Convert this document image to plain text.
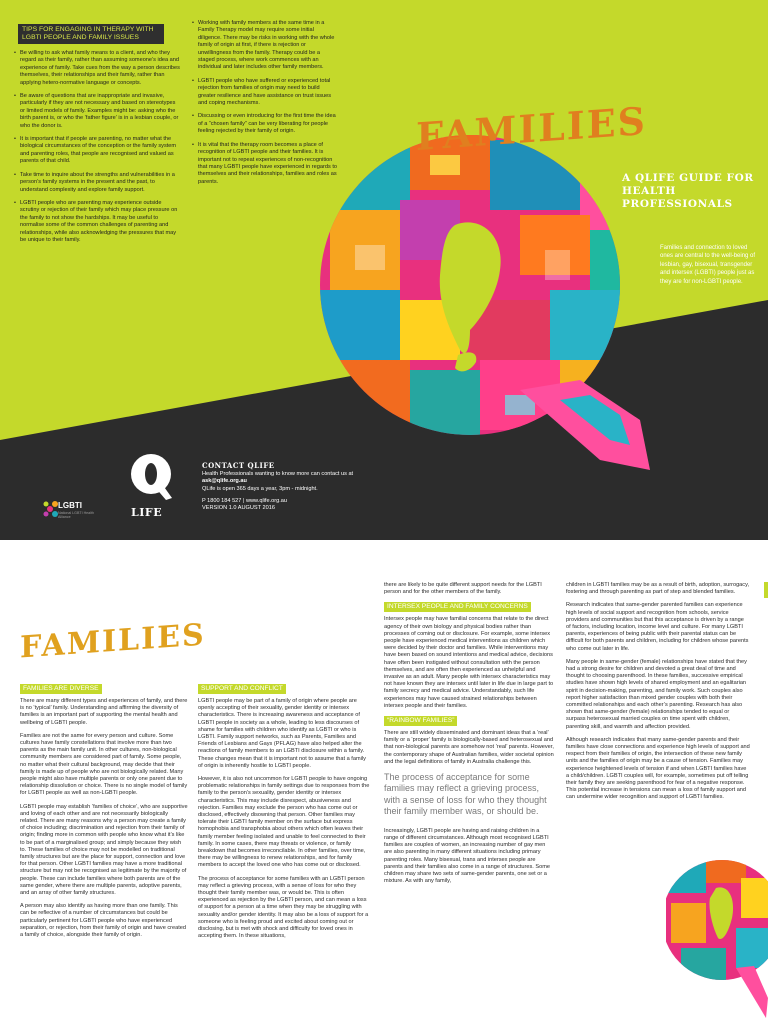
TIPS FOR ENGAGING IN THERAPY WITH LGBTI PEOPLE AND FAMILY ISSUES
• Be willing to ask what family means to a client, and who they regard as their family, rather than assuming someone’s idea and experience of family. Take cues from the way a person describes themselves, their relationships and their family, rather than applying hetero-normative language or concepts.
• Be aware of questions that are inappropriate and invasive, particularly if they are not necessary and based on stereotypes or limited models of family. Examples might be: asking who the birth parent is, or who the ‘father figure’ is in a lesbian couple, or who the donor is.
• It is important that if people are parenting, no matter what the biological circumstances of the conception or the family system and parenting roles, that people are recognised and valued as parents of that child.
• Take time to inquire about the strengths and vulnerabilities in a person’s family systems in the present and the past, to understand complexity and explore family support.
• LGBTI people who are parenting may experience outside scrutiny or rejection of their family which may place pressure on the family to not show the hardships. It may be useful to normalise some of the common challenges of parenting and relationships, while also acknowledging the pressures that may be unique to their family.
• Working with family members at the same time in a Family Therapy model may require some initial diligence. There may be risks in working with the whole family of origin at first, if there is rejection or unwillingness from the family. Therapy could be a staged process, where work commences with an individual and later includes other family members.
• LGBTI people who have suffered or experienced total rejection from families of origin may need to build greater resilience and have assistance on trust issues and coping mechanisms.
• Discussing or even introducing for the first time the idea of a “chosen family” can be very liberating for people feeling rejected by their family of origin.
• It is vital that the therapy room becomes a place of recognition of LGBTI people and their families. It is important not to repeat experiences of non-recognition that many LGBTI people have experienced in regards to themselves and their relationships, families and roles as parents.
FAMILIES
A QLIFE GUIDE FOR HEALTH PROFESSIONALS
Families and connection to loved ones are central to the well-being of lesbian, gay, bisexual, transgender and intersex (LGBTI) people just as they are for non-LGBTI people.
LGBTI
National LGBTI Health Alliance	LIFE
CONTACT QLIFE
Health Professionals wanting to know more can contact us at
ask@qlife.org.au
QLife is open 365 days a year, 3pm - midnight.
P 1800 184 527 | www.qlife.org.au
VERSION 1.0 AUGUST 2016
FAMILIES
FAMILIES ARE DIVERSE

There are many different types and experiences of family, and there is no ‘typical’ family. Understanding and affirming the diversity of families is an important part of supporting the mental health and wellbeing of LGBTI people.

Families are not the same for every person and culture. Some cultures have family constellations that involve more than two parents as the main family unit. In other cultures, non-biological community members are considered part of family. Some people, no matter what their cultural background, may decide that their family is made up of people who are not biologically related. Many people might also have multiple parents or only one parent due to relationship dissolution or choice. There is no single model of family for LGBTI people as well as non-LGBTI people.

LGBTI people may establish ‘families of choice’, who are supportive and loving of each other and are not necessarily biologically related. There are many reasons why a person may create a family of choice including; discrimination and rejection from their family of origin; finding more in common with people who know what it’s like to be part of a marginalised group; and simply because they wish to. These families of choice may not be modelled on traditional family structures but are the place for support, connection and love for that person. Other LGBTI families may have a more traditional structure but may not be recognised as legitimate by the majority of people. These can include families where both parents are of the same gender, where there are multiple parents, adoptive parents, and an array of other family structures.

A person may also identify as having more than one family. This can be reflective of a number of circumstances but could be particularly pertinent for LGBTI people who have experienced separation, or rejection, from their family of origin and have created a family of choice, alongside their family of origin.

SUPPORT AND CONFLICT

LGBTI people may be part of a family of origin where people are openly accepting of their sexuality, gender identity or intersex characteristics. There is increasing awareness and acceptance of LGBTI people in society as a whole, leading to less discourses of shame for families with children who identify as LGBTI or who is LGBTI. Family support networks, such as Parents, Families and Friends of Lesbians and Gays (PFLAG) have also helped alter the reactions of family members to an LGBTI disclosure within a family. These changes mean that it is important not to assume that a family of origin is inherently hostile to LGBTI people.

However, it is also not uncommon for LGBTI people to have ongoing problematic relationships in family settings due to responses from the family to the person’s sexuality, gender identity or intersex characteristics. This may include disrespect, abusiveness and rejection. Families may exclude the person who has come out or disclosed, effectively disowning that person. Other families may tolerate their LGBTI family member on the surface but express homophobia and transphobia about others which often leaves their family member feeling isolated and unable to feel connected to their family. In some cases, there may threats or violence, or family breakdown that becomes irreconcilable. In other families, over time, there may be willingness to renew relationships, and for family members to accept the loved one who has come out or disclosed.

The process of acceptance for some families with an LGBTI person may reflect a grieving process, with a sense of loss for who they thought their family member was, or would be. This is often experienced as rejection by the LGBTI person, and can mean a loss of support for a person at a time when they may be struggling with sexuality and/or gender identity. It may also be a loss of support for a someone who is feeling proud and excited about coming out or disclosing, but is met with shock and difficulty for loved ones in accepting them. In these situations,

there are likely to be quite different support needs for the LGBTI person and for the other members of the family.

INTERSEX PEOPLE AND FAMILY CONCERNS

Intersex people may have familial concerns that relate to the direct agency of their own biology and physical bodies rather than processes of coming out or disclosure. For example, some intersex people have experienced medical interventions as children which were decided by their doctor and families. While interventions may have been based on sound intentions and medical advice, decisions have often been instigated without consultation with the person themselves, and are often then experienced as unhelpful and invasive as an adult. Many people with intersex characteristics may not have known they are intersex until later in life due in large part to family secrecy and medical advice. Understandably, such life experiences may have caused strained relationships between intersex people and their families.

“RAINBOW FAMILIES”

There are still widely disseminated and dominant ideas that a ‘real’ family or a ‘proper’ family is biologically-based and heterosexual and that non-biological parents are somehow not ‘real’ parents. However, the contemporary shape of Australian families, wider societal opinion and the legal definitions of family in Australia challenge this.

The process of acceptance for some families may reflect a grieving process, with a sense of loss for who they thought their family member was, or should be.

Increasingly, LGBTI people are having and raising children in a range of different circumstances. Although most recognised LGBTI families are couples of women, an increasing number of gay men are also parenting in many different situations including primary parenting roles. Many bisexual, trans and intersex people are parents and their families also come in a range of structures. Some children may share two sets of same-gender parents, one set or a mixture. As with any family,

children in LGBTI families may be as a result of birth, adoption, surrogacy, fostering and through parenting as part of step and blended families.

Research indicates that same-gender parented families can experience high levels of social support and recognition from schools, service providers and communities but that this acceptance is driven by a range of factors, including location, income level and culture. For many LGBTI parents, experiences of being public with their parental status can be difficult for both parents and children, including for children whose parents who come out later in life.

Many people in same-gender (female) relationships have stated that they had a strong desire for children and devoted a great deal of time and thought to choosing parenthood. In these families, successive empirical studies have shown high levels of shared employment and an egalitarian spirit in decision-making, parenting, and family work. Such couples also report higher satisfaction than mixed gender couples with both their committed relationships and each other’s parenting. Research has also shown that same-gender (female) relationships tended to equal or surpass heterosexual married couples on time spent with children, parenting skill, and warmth and affection provided.

Although research indicates that many same-gender parents and their families have close connections and experience high levels of support and respect from their families of origin, the intersection of these new family units and the families of origin may be a cause of tension. Families may experience heightened levels of tension if and when LGBTI families have a child/children. LGBTI couples will, for example, sometimes put off telling their family they are seeking parenthood for fear of a negative response. This potential increase in tensions can mean a loss of family support and can undermine wider recognition and support of LGBTI families.
